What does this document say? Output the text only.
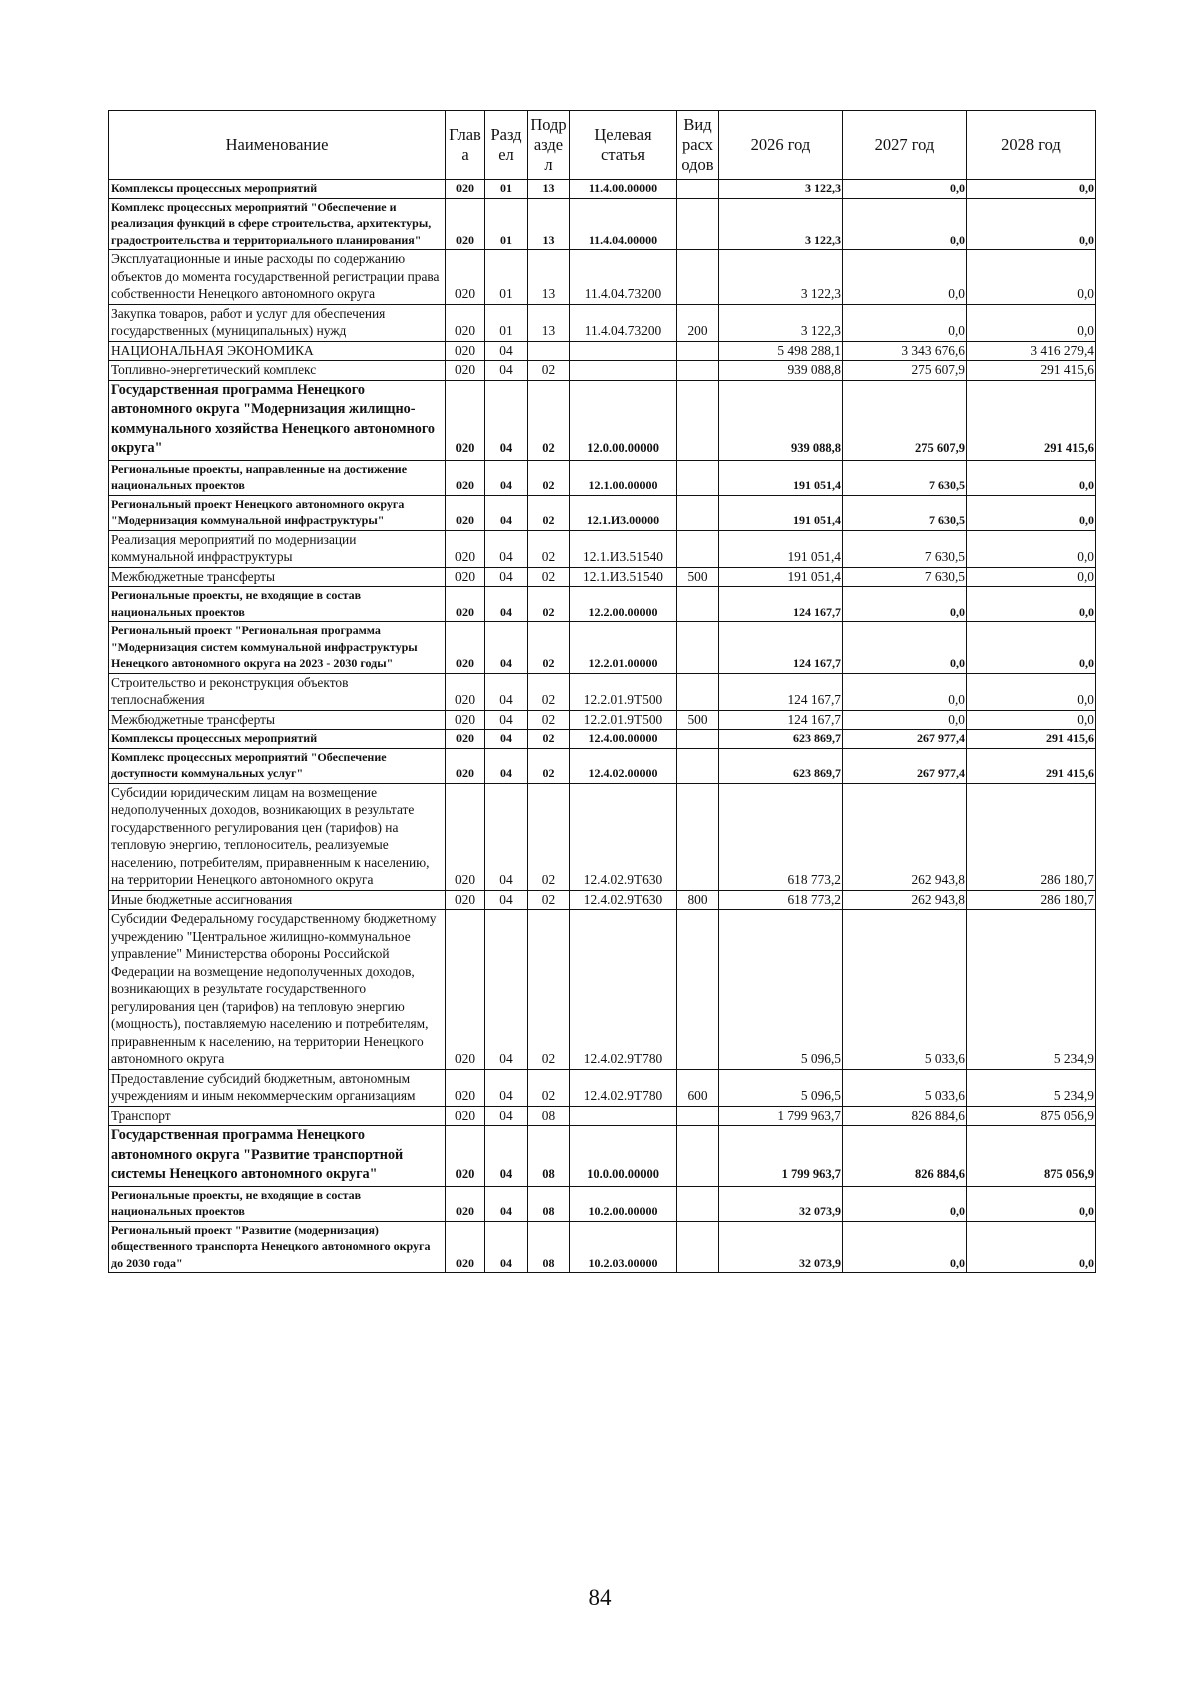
Наименование	Глав а	Разд ел	Подр азде л	Целевая статья	Вид расх одов	2026 год	2027 год	2028 год
Комплексы процессных мероприятий	020	01	13	11.4.00.00000		3 122,3	0,0	0,0
Комплекс процессных мероприятий "Обеспечение и реализация функций в сфере строительства, архитектуры, градостроительства и территориального планирования"	020	01	13	11.4.04.00000		3 122,3	0,0	0,0
Эксплуатационные и иные расходы по содержанию объектов до момента государственной регистрации права собственности Ненецкого автономного округа	020	01	13	11.4.04.73200		3 122,3	0,0	0,0
Закупка товаров, работ и услуг для обеспечения государственных (муниципальных) нужд	020	01	13	11.4.04.73200	200	3 122,3	0,0	0,0
НАЦИОНАЛЬНАЯ ЭКОНОМИКА	020	04				5 498 288,1	3 343 676,6	3 416 279,4
Топливно-энергетический комплекс	020	04	02			939 088,8	275 607,9	291 415,6
Государственная программа Ненецкого автономного округа "Модернизация жилищно-коммунального хозяйства Ненецкого автономного округа"	020	04	02	12.0.00.00000		939 088,8	275 607,9	291 415,6
Региональные проекты, направленные на достижение национальных проектов	020	04	02	12.1.00.00000		191 051,4	7 630,5	0,0
Региональный проект Ненецкого автономного округа "Модернизация коммунальной инфраструктуры"	020	04	02	12.1.И3.00000		191 051,4	7 630,5	0,0
Реализация мероприятий по модернизации коммунальной инфраструктуры	020	04	02	12.1.И3.51540		191 051,4	7 630,5	0,0
Межбюджетные трансферты	020	04	02	12.1.И3.51540	500	191 051,4	7 630,5	0,0
Региональные проекты, не входящие в состав национальных проектов	020	04	02	12.2.00.00000		124 167,7	0,0	0,0
Региональный проект "Региональная программа "Модернизация систем коммунальной инфраструктуры Ненецкого автономного округа на 2023 - 2030 годы"	020	04	02	12.2.01.00000		124 167,7	0,0	0,0
Строительство и реконструкция объектов теплоснабжения	020	04	02	12.2.01.9Т500		124 167,7	0,0	0,0
Межбюджетные трансферты	020	04	02	12.2.01.9Т500	500	124 167,7	0,0	0,0
Комплексы процессных мероприятий	020	04	02	12.4.00.00000		623 869,7	267 977,4	291 415,6
Комплекс процессных мероприятий "Обеспечение доступности коммунальных услуг"	020	04	02	12.4.02.00000		623 869,7	267 977,4	291 415,6
Субсидии юридическим лицам на возмещение недополученных доходов, возникающих в результате государственного регулирования цен (тарифов) на тепловую энергию, теплоноситель, реализуемые населению, потребителям, приравненным к населению, на территории Ненецкого автономного округа	020	04	02	12.4.02.9Т630		618 773,2	262 943,8	286 180,7
Иные бюджетные ассигнования	020	04	02	12.4.02.9Т630	800	618 773,2	262 943,8	286 180,7
Субсидии Федеральному государственному бюджетному учреждению "Центральное жилищно-коммунальное управление" Министерства обороны Российской Федерации на возмещение недополученных доходов, возникающих в результате государственного регулирования цен (тарифов) на тепловую энергию (мощность), поставляемую населению и потребителям, приравненным к населению, на территории Ненецкого автономного округа	020	04	02	12.4.02.9Т780		5 096,5	5 033,6	5 234,9
Предоставление субсидий бюджетным, автономным учреждениям и иным некоммерческим организациям	020	04	02	12.4.02.9Т780	600	5 096,5	5 033,6	5 234,9
Транспорт	020	04	08			1 799 963,7	826 884,6	875 056,9
Государственная программа Ненецкого автономного округа "Развитие транспортной системы Ненецкого автономного округа"	020	04	08	10.0.00.00000		1 799 963,7	826 884,6	875 056,9
Региональные проекты, не входящие в состав национальных проектов	020	04	08	10.2.00.00000		32 073,9	0,0	0,0
Региональный проект "Развитие (модернизация) общественного транспорта Ненецкого автономного округа до 2030 года"	020	04	08	10.2.03.00000		32 073,9	0,0	0,0
84
